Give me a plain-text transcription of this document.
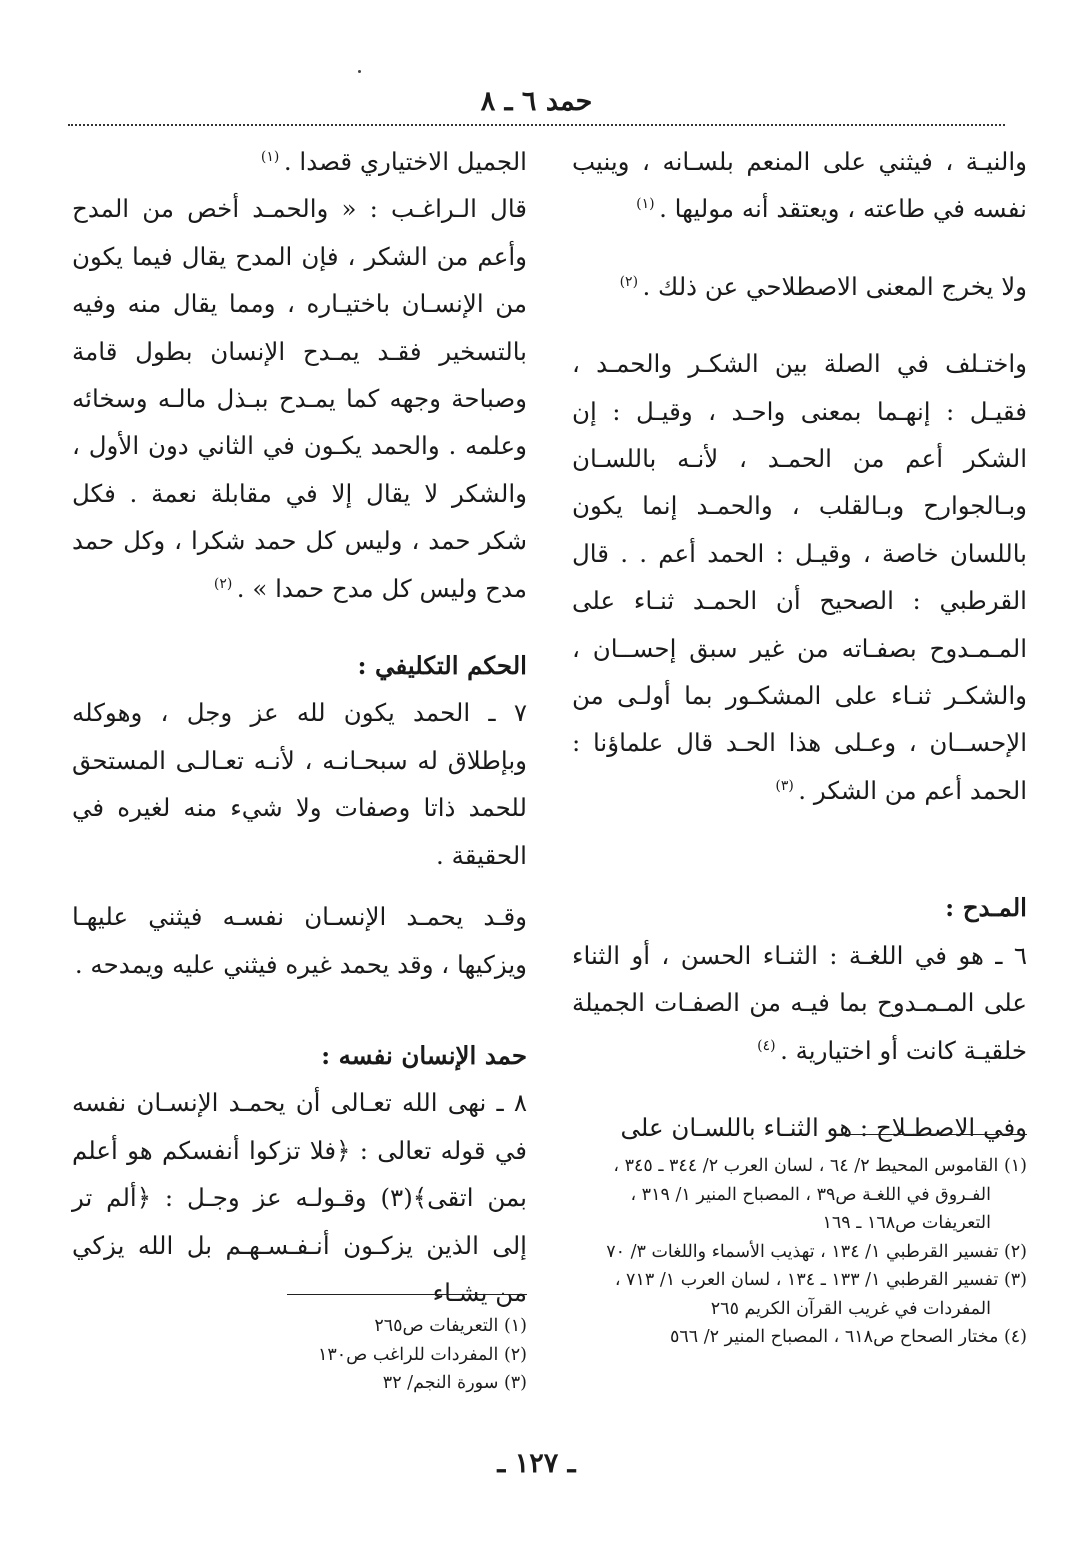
حمد ٦ ـ ٨

والنيـة ، فيثني على المنعم بلسـانه ، وينيب نفسه في طاعته ، ويعتقد أنه موليها . $^{(١)}$

ولا يخرج المعنى الاصطلاحي عن ذلك . $^{(٢)}$

واختـلف في الصلة بين الشكـر والحمـد ، فقيـل : إنهـما بمعنى واحـد ، وقيـل : إن الشكر أعم من الحمـد ، لأنـه باللسـان وبـالجوارح وبـالقلب ، والحمـد إنما يكون باللسان خاصة ، وقيـل : الحمد أعم . . قال القرطبي : الصحيح أن الحمـد ثنـاء على المـمـدوح بصفـاته من غير سبق إحســان ، والشكـر ثنـاء على المشكـور بما أولـى من الإحســان ، وعـلى هذا الحـد قال علماؤنا : الحمد أعم من الشكر . $^{(٣)}$

المـدح :

٦ ـ هو في اللغـة : الثنـاء الحسن ، أو الثناء على المـمـدوح بما فيـه من الصفـات الجميلة خلقيـة كانت أو اختيارية . $^{(٤)}$

وفي الاصطـلاح : هو الثنـاء باللسـان على

الجميل الاختياري قصدا . $^{(١)}$

قال الـراغـب : « والحمـد أخص من المدح وأعم من الشكر ، فإن المدح يقال فيما يكون من الإنسـان باختيـاره ، ومما يقال منه وفيه بالتسخير فقـد يمـدح الإنسان بطول قامة وصباحة وجهه كما يمـدح ببـذل مالـه وسخائه وعلمه . والحمد يكـون في الثاني دون الأول ، والشكر لا يقال إلا في مقابلة نعمة . فكل شكر حمد ، وليس كل حمد شكرا ، وكل حمد مدح وليس كل مدح حمدا » . $^{(٢)}$

الحكم التكليفي :

٧ ـ الحمد يكون لله عز وجل ، وهوكله وبإطلاق له سبحـانـه ، لأنـه تعـالـى المستحق للحمد ذاتا وصفات ولا شيء منه لغيره في الحقيقة .

وقـد يحمـد الإنسـان نفسـه فيثني عليهـا ويزكيها ، وقد يحمد غيره فيثني عليه ويمدحه .

حمد الإنسان نفسه :

٨ ـ نهى الله تعـالى أن يحمـد الإنسـان نفسه في قوله تعالى : ﴿فلا تزكوا أنفسكم هو أعلم بمن اتقى﴾(٣) وقـولـه عز وجـل : ﴿ألم تر إلى الذين يزكـون أنـفـسـهـم بل الله يزكي من يشـاء

(١) القاموس المحيط ٢/ ٦٤ ، لسان العرب ٢/ ٣٤٤ ـ ٣٤٥ ،

الفـروق في اللغـة ص٣٩ ، المصباح المنير ١/ ٣١٩ ،

التعريفات ص١٦٨ ـ ١٦٩

(٢) تفسير القرطبي ١/ ١٣٤ ، تهذيب الأسماء واللغات ٣/ ٧٠

(٣) تفسير القرطبي ١/ ١٣٣ ـ ١٣٤ ، لسان العرب ١/ ٧١٣ ،

المفردات في غريب القرآن الكريم ٢٦٥

(٤) مختار الصحاح ص٦١٨ ، المصباح المنير ٢/ ٥٦٦

(١) التعريفات ص٢٦٥

(٢) المفردات للراغب ص١٣٠

(٣) سورة النجم/ ٣٢

ـ ١٢٧ ـ
